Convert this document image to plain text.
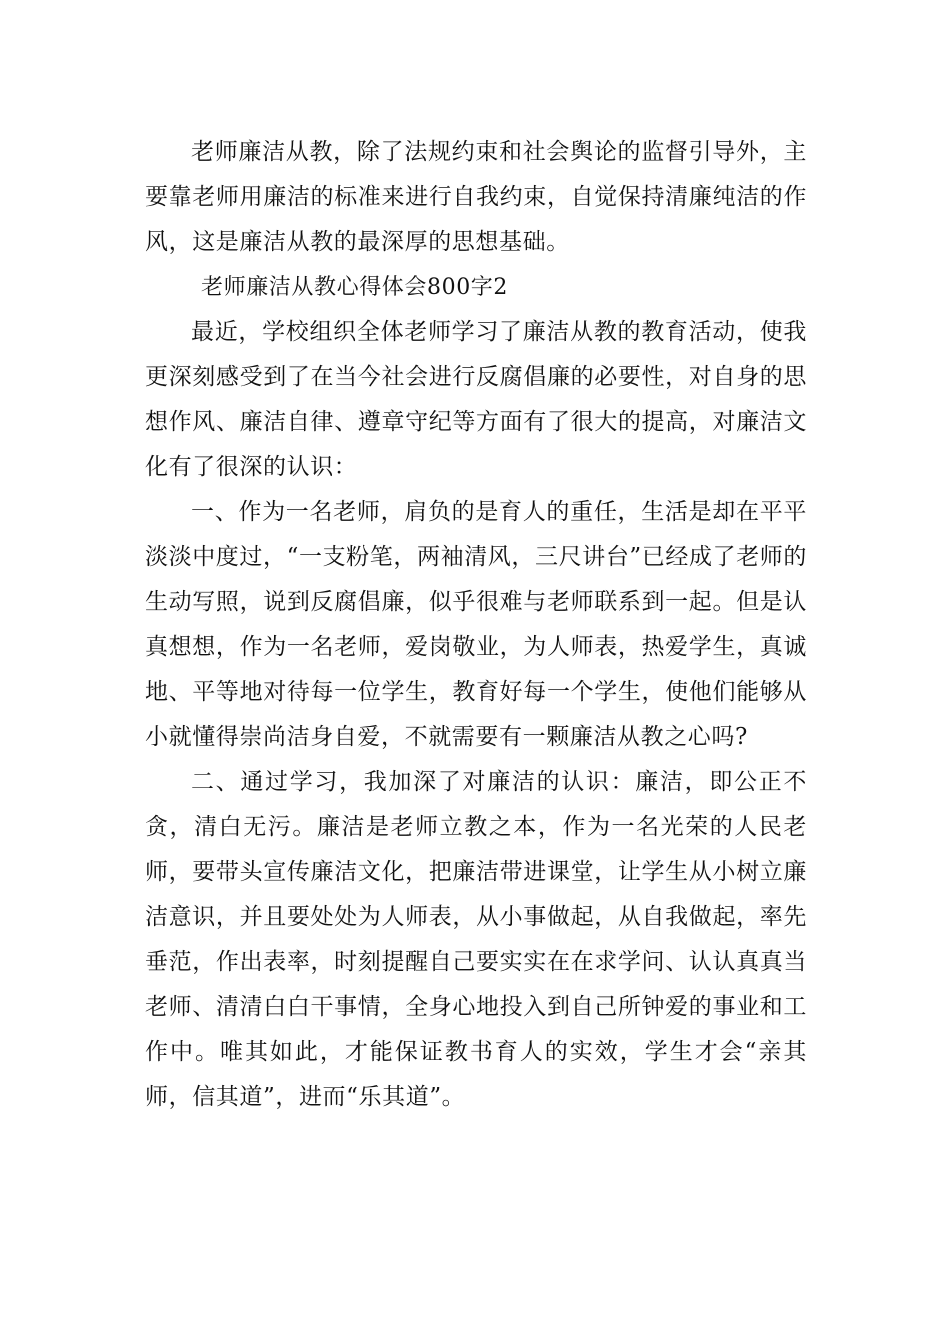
老师廉洁从教，除了法规约束和社会舆论的监督引导外，主要靠老师用廉洁的标准来进行自我约束，自觉保持清廉纯洁的作风，这是廉洁从教的最深厚的思想基础。

老师廉洁从教心得体会800字2

最近，学校组织全体老师学习了廉洁从教的教育活动，使我更深刻感受到了在当今社会进行反腐倡廉的必要性，对自身的思想作风、廉洁自律、遵章守纪等方面有了很大的提高，对廉洁文化有了很深的认识：

一、作为一名老师，肩负的是育人的重任，生活是却在平平淡淡中度过，“一支粉笔，两袖清风，三尺讲台”已经成了老师的生动写照，说到反腐倡廉，似乎很难与老师联系到一起。但是认真想想，作为一名老师，爱岗敬业，为人师表，热爱学生，真诚地、平等地对待每一位学生，教育好每一个学生，使他们能够从小就懂得崇尚洁身自爱，不就需要有一颗廉洁从教之心吗?

二、通过学习，我加深了对廉洁的认识：廉洁，即公正不贪，清白无污。廉洁是老师立教之本，作为一名光荣的人民老师，要带头宣传廉洁文化，把廉洁带进课堂，让学生从小树立廉洁意识，并且要处处为人师表，从小事做起，从自我做起，率先垂范，作出表率，时刻提醒自己要实实在在求学问、认认真真当老师、清清白白干事情，全身心地投入到自己所钟爱的事业和工作中。唯其如此，才能保证教书育人的实效，学生才会“亲其师，信其道”，进而“乐其道”。
